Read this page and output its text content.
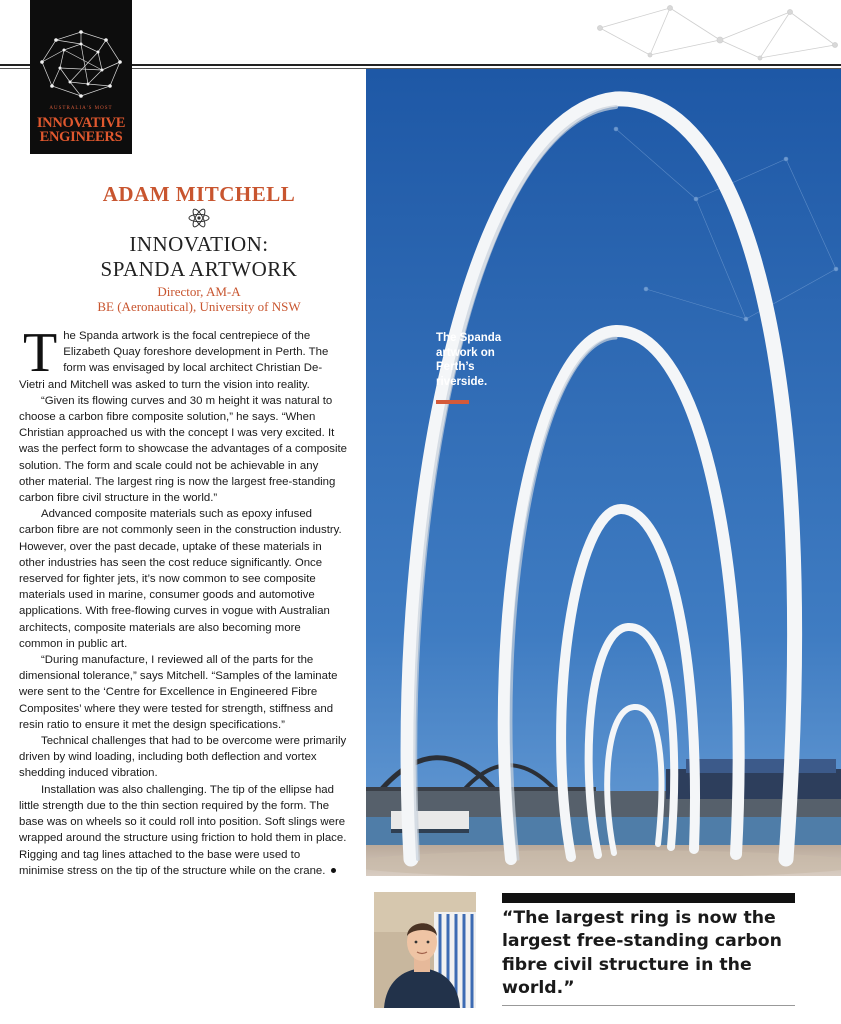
AUSTRALIA'S MOST
INNOVATIVE
ENGINEERS
ADAM MITCHELL
INNOVATION:
SPANDA ARTWORK
Director, AM-A
BE (Aeronautical), University of NSW

The Spanda artwork is the focal centrepiece of the Elizabeth Quay foreshore development in Perth. The form was envisaged by local architect Christian De-Vietri and Mitchell was asked to turn the vision into reality.

“Given its flowing curves and 30 m height it was natural to choose a carbon fibre composite solution,” he says. “When Christian approached us with the concept I was very excited. It was the perfect form to showcase the advantages of a composite solution. The form and scale could not be achievable in any other material. The largest ring is now the largest free-standing carbon fibre civil structure in the world.”

Advanced composite materials such as epoxy infused carbon fibre are not commonly seen in the construction industry. However, over the past decade, uptake of these materials in other industries has seen the cost reduce significantly. Once reserved for fighter jets, it’s now common to see composite materials used in marine, consumer goods and automotive applications. With free-flowing curves in vogue with Australian architects, composite materials are also becoming more common in public art.

“During manufacture, I reviewed all of the parts for the dimensional tolerance,” says Mitchell. “Samples of the laminate were sent to the ‘Centre for Excellence in Engineered Fibre Composites’ where they were tested for strength, stiffness and resin ratio to ensure it met the design specifications.”

Technical challenges that had to be overcome were primarily driven by wind loading, including both deflection and vortex shedding induced vibration.

Installation was also challenging. The tip of the ellipse had little strength due to the thin section required by the form. The base was on wheels so it could roll into position. Soft slings were wrapped around the structure using friction to hold them in place. Rigging and tag lines attached to the base were used to minimise stress on the tip of the structure while on the crane.

The Spanda artwork on Perth’s riverside.
“The largest ring is now the largest free-standing carbon fibre civil structure in the world.”
